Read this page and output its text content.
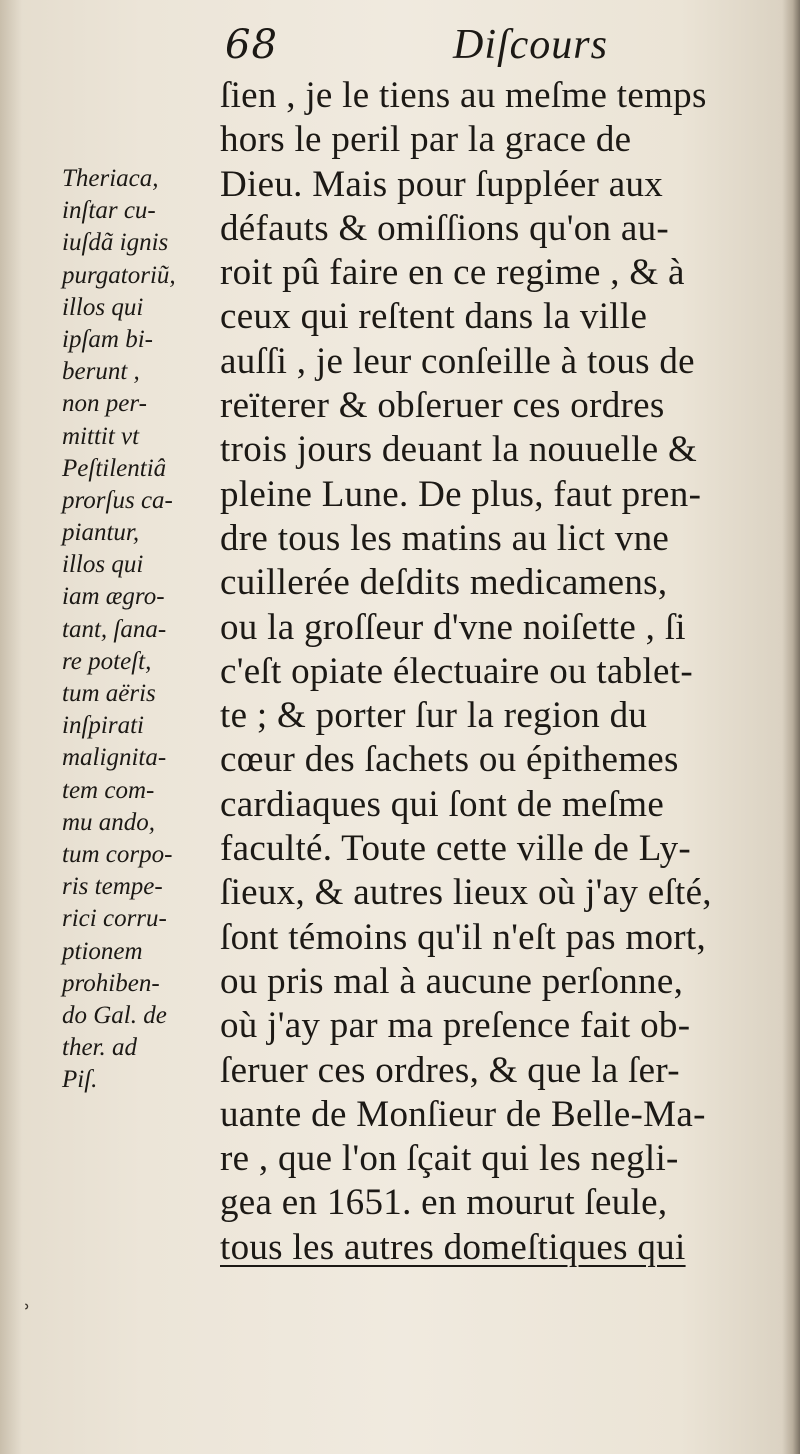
68	Diſcours
ſien , je le tiens au meſme temps
hors le peril par la grace de
Dieu. Mais pour ſuppléer aux
défauts & omiſſions qu'on au-
roit pû faire en ce regime , & à
ceux qui reſtent dans la ville
auſſi , je leur conſeille à tous de
reïterer & obſeruer ces ordres
trois jours deuant la nouuelle &
pleine Lune. De plus, faut pren-
dre tous les matins au lict vne
cuillerée deſdits medicamens,
ou la groſſeur d'vne noiſette , ſi
c'eſt opiate électuaire ou tablet-
te ; & porter ſur la region du
cœur des ſachets ou épithemes
cardiaques qui ſont de meſme
faculté. Toute cette ville de Ly-
ſieux, & autres lieux où j'ay eſté,
ſont témoins qu'il n'eſt pas mort,
ou pris mal à aucune perſonne,
où j'ay par ma preſence fait ob-
ſeruer ces ordres, & que la ſer-
uante de Monſieur de Belle-Ma-
re , que l'on ſçait qui les negli-
gea en 1651. en mourut ſeule,
tous les autres domeſtiques qui
Theriaca,
inſtar cu-
iuſdã ignis
purgatoriũ,
illos qui
ipſam bi-
berunt ,
non per-
mittit vt
Peſtilentiâ
prorſus ca-
piantur,
illos qui
iam ægro-
tant, ſana-
re poteſt,
tum aëris
inſpirati
malignita-
tem com-
mu ando,
tum corpo-
ris tempe-
rici corru-
ptionem
prohiben-
do Gal. de
ther. ad
Piſ.
˒
